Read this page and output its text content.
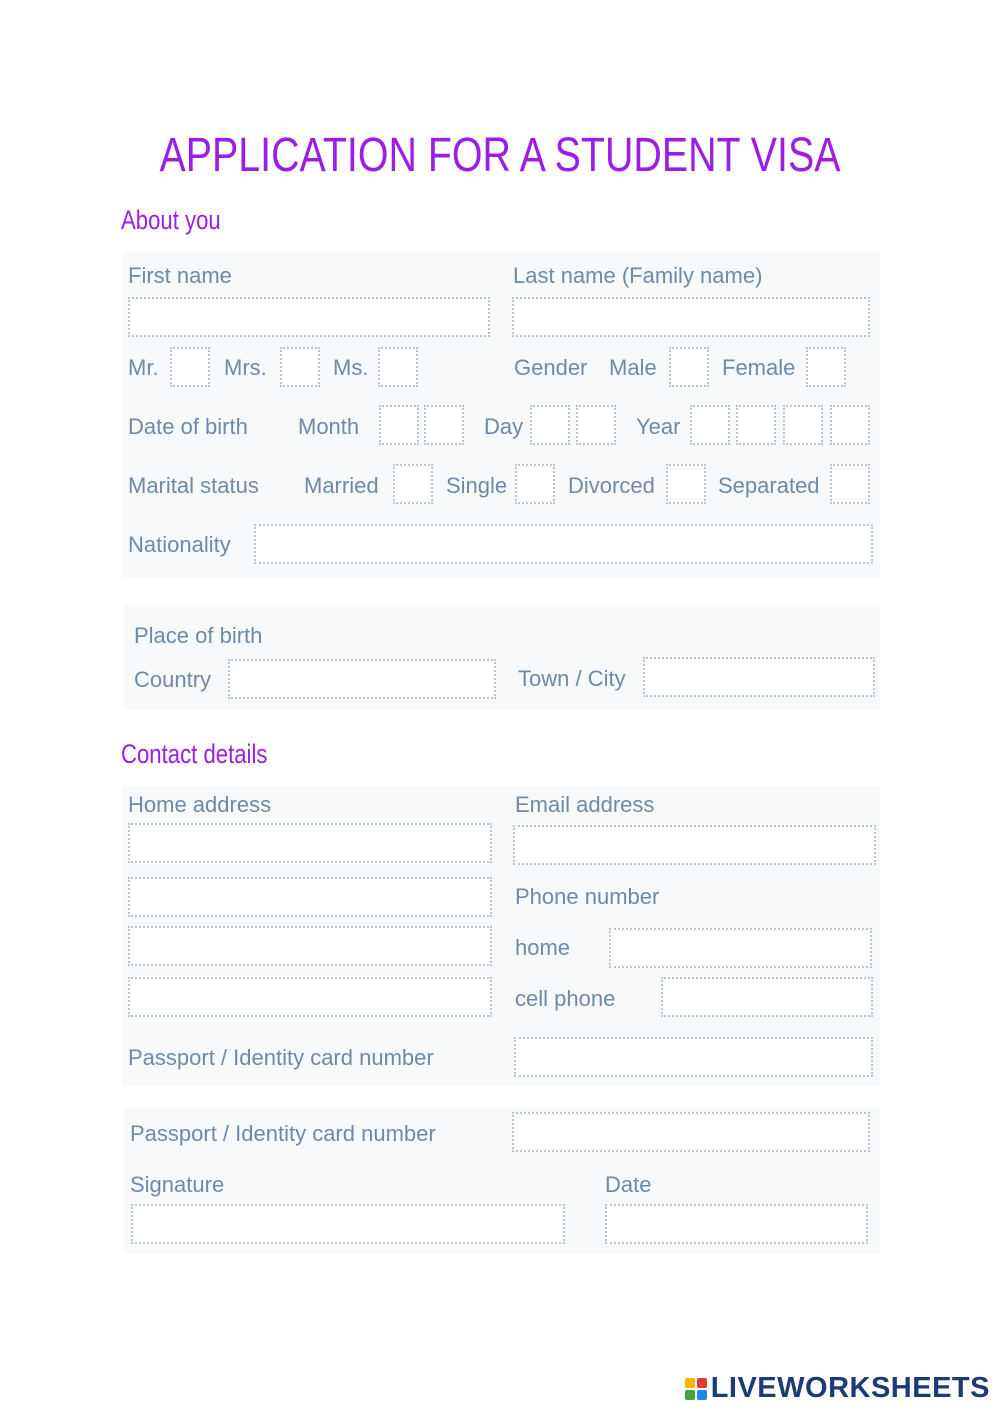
APPLICATION FOR A STUDENT VISA
About you
First name	Last name (Family name)
Mr.	Mrs.	Ms.	Gender Male	Female
Date of birth Month	Day	Year
Marital status Married	Single	Divorced	Separated
Nationality
Place of birth
Country	Town / City
Contact details
Home address	Email address
Phone number
home
cell phone
Passport / Identity card number
Passport / Identity card number
Signature	Date
LIVEWORKSHEETS
